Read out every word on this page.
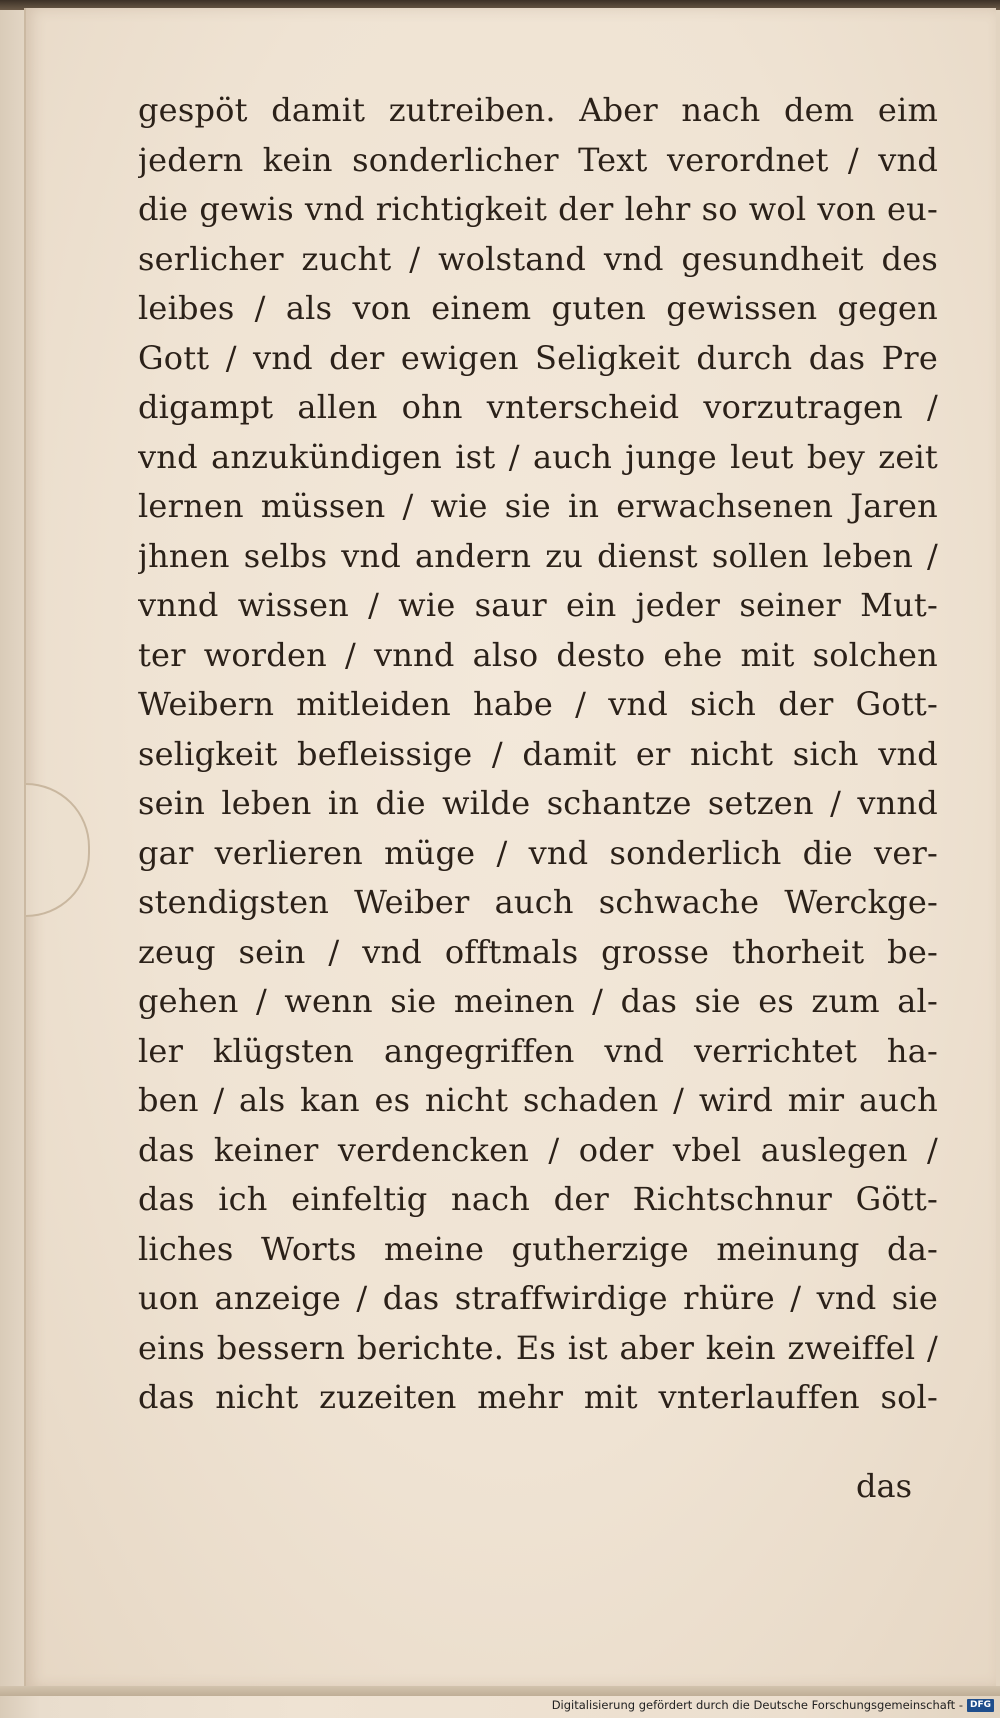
gespöt damit zutreiben. Aber nach dem eim
jedern kein sonderlicher Text verordnet / vnd
die gewis vnd richtigkeit der lehr so wol von eu-
serlicher zucht / wolstand vnd gesundheit des
leibes / als von einem guten gewissen gegen
Gott / vnd der ewigen Seligkeit durch das Pre
digampt allen ohn vnterscheid vorzutragen /
vnd anzukündigen ist / auch junge leut bey zeit
lernen müssen / wie sie in erwachsenen Jaren
jhnen selbs vnd andern zu dienst sollen leben /
vnnd wissen / wie saur ein jeder seiner Mut-
ter worden / vnnd also desto ehe mit solchen
Weibern mitleiden habe / vnd sich der Gott-
seligkeit befleissige / damit er nicht sich vnd
sein leben in die wilde schantze setzen / vnnd
gar verlieren müge / vnd sonderlich die ver-
stendigsten Weiber auch schwache Werckge-
zeug sein / vnd offtmals grosse thorheit be-
gehen / wenn sie meinen / das sie es zum al-
ler klügsten angegriffen vnd verrichtet ha-
ben / als kan es nicht schaden / wird mir auch
das keiner verdencken / oder vbel auslegen /
das ich einfeltig nach der Richtschnur Gött-
liches Worts meine gutherzige meinung da-
uon anzeige / das straffwirdige rhüre / vnd sie
eins bessern berichte. Es ist aber kein zweiffel /
das nicht zuzeiten mehr mit vnterlauffen sol-
das
Digitalisierung gefördert durch die Deutsche Forschungsgemeinschaft - DFG
